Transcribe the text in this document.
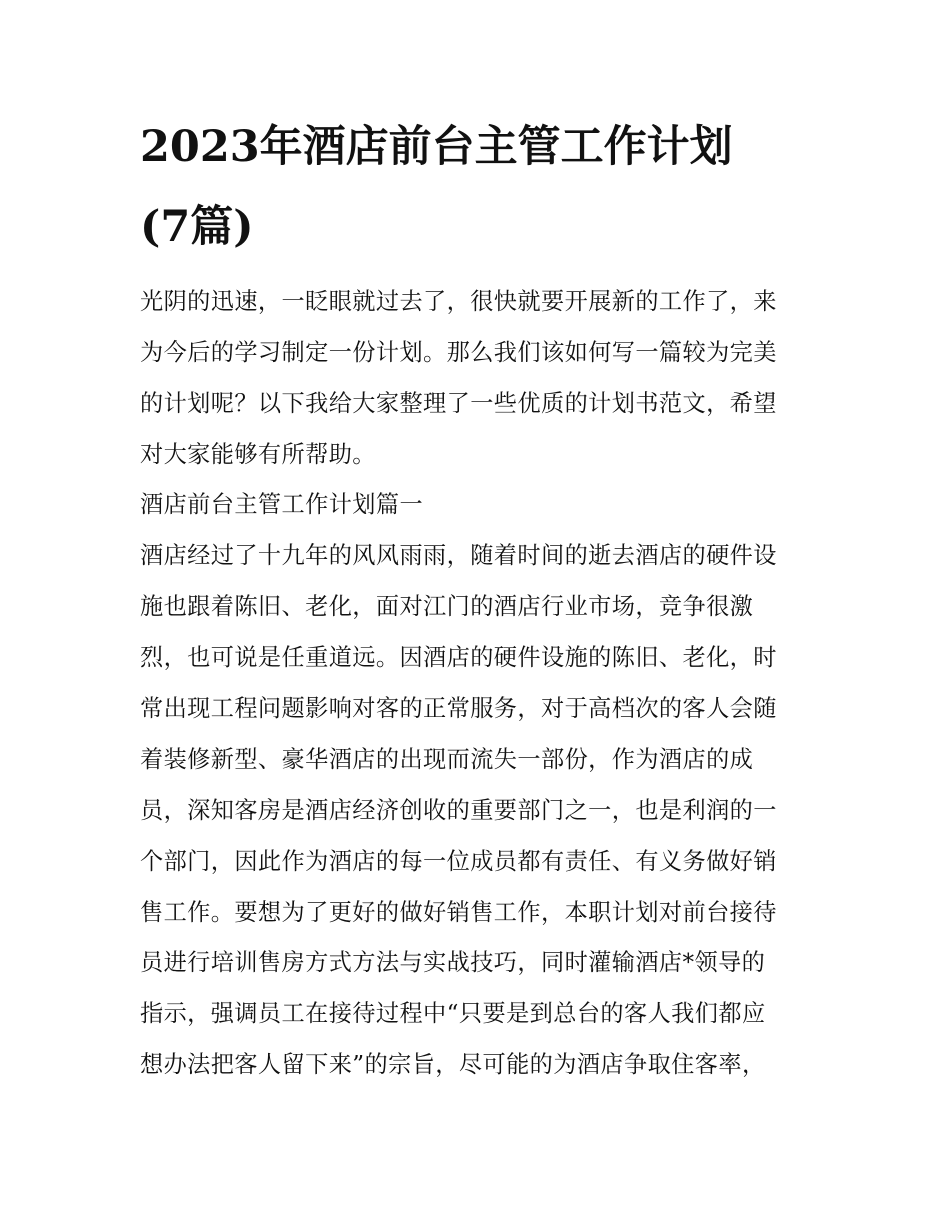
2023年酒店前台主管工作计划
(7篇)
光阴的迅速，一眨眼就过去了，很快就要开展新的工作了，来
为今后的学习制定一份计划。那么我们该如何写一篇较为完美
的计划呢？以下我给大家整理了一些优质的计划书范文，希望
对大家能够有所帮助。
酒店前台主管工作计划篇一
酒店经过了十九年的风风雨雨，随着时间的逝去酒店的硬件设
施也跟着陈旧、老化，面对江门的酒店行业市场，竞争很激
烈，也可说是任重道远。因酒店的硬件设施的陈旧、老化，时
常出现工程问题影响对客的正常服务，对于高档次的客人会随
着装修新型、豪华酒店的出现而流失一部份，作为酒店的成
员，深知客房是酒店经济创收的重要部门之一，也是利润的一
个部门，因此作为酒店的每一位成员都有责任、有义务做好销
售工作。要想为了更好的做好销售工作，本职计划对前台接待
员进行培训售房方式方法与实战技巧，同时灌输酒店*领导的
指示，强调员工在接待过程中“只要是到总台的客人我们都应
想办法把客人留下来”的宗旨，尽可能的为酒店争取住客率，
